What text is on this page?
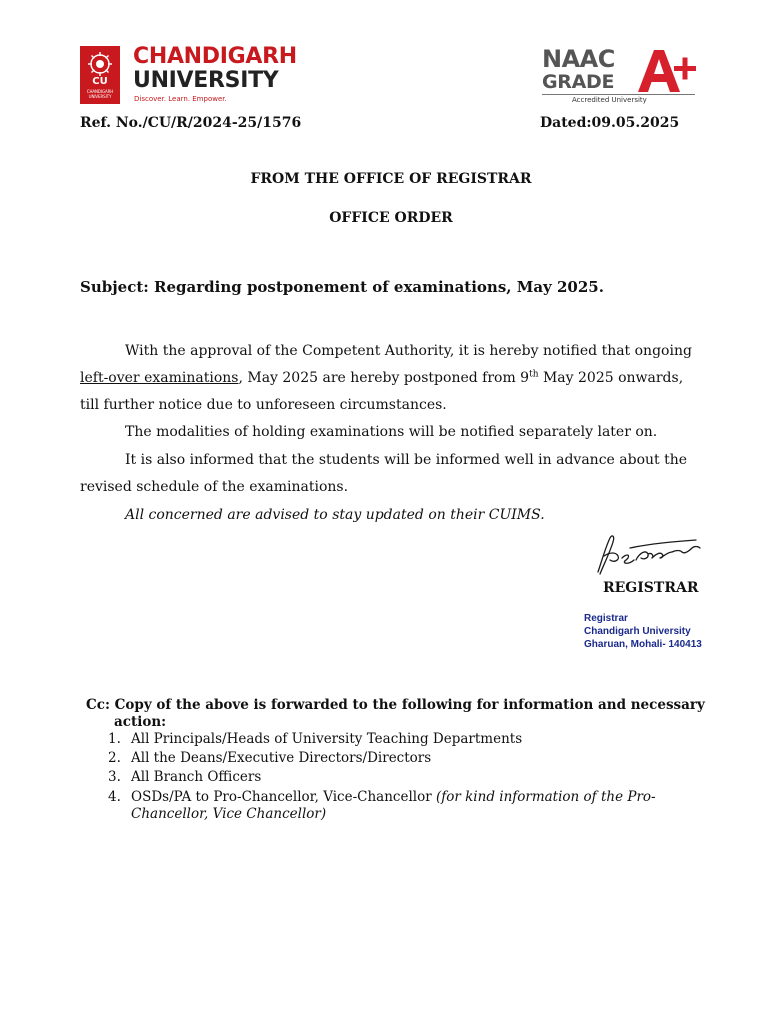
CU
CHANDIGARH UNIVERSITY
CHANDIGARH
UNIVERSITY
Discover. Learn. Empower.
NAAC
GRADE
Accredited University
Ref. No./CU/R/2024-25/1576	Dated:09.05.2025
FROM THE OFFICE OF REGISTRAR
OFFICE ORDER
Subject: Regarding postponement of examinations, May 2025.
With the approval of the Competent Authority, it is hereby notified that ongoing
left-over examinations, May 2025 are hereby postponed from 9th May 2025 onwards,
till further notice due to unforeseen circumstances.
The modalities of holding examinations will be notified separately later on.
It is also informed that the students will be informed well in advance about the
revised schedule of the examinations.
All concerned are advised to stay updated on their CUIMS.
REGISTRAR
Registrar
Chandigarh University
Gharuan, Mohali- 140413
Cc: Copy of the above is forwarded to the following for information and necessary
action:
1. All Principals/Heads of University Teaching Departments
2. All the Deans/Executive Directors/Directors
3. All Branch Officers
4. OSDs/PA to Pro-Chancellor, Vice-Chancellor (for kind information of the Pro-
Chancellor, Vice Chancellor)
